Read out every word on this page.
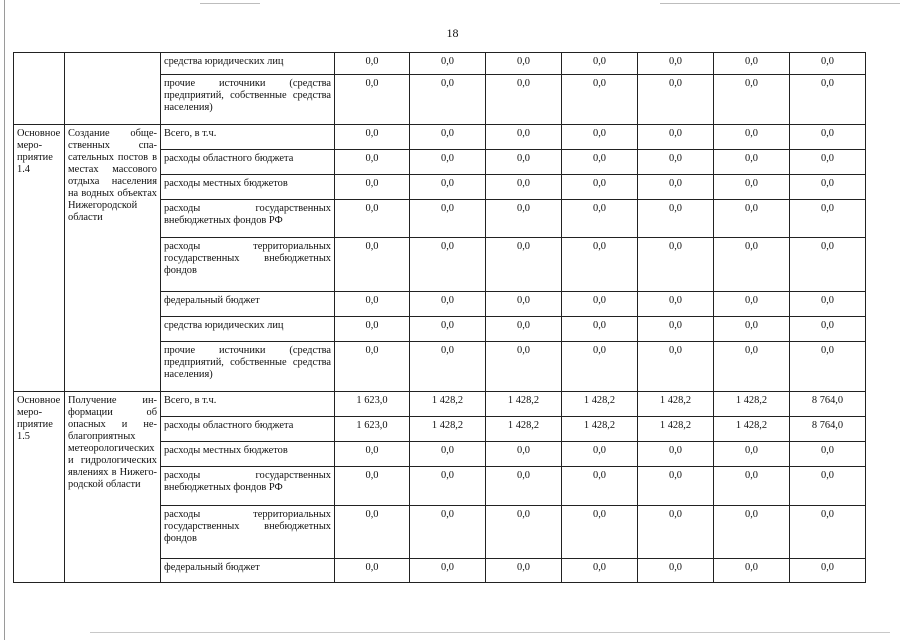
18
		средства юридических лиц	0,0	0,0	0,0	0,0	0,0	0,0	0,0
		прочие источники (средства предприятий, собственные средства населения)	0,0	0,0	0,0	0,0	0,0	0,0	0,0
Основное мероприятие 1.4	Создание общественных спасательных постов в местах массового отдыха населения на водных объектах Нижегородской области	Всего, в т.ч.	0,0	0,0	0,0	0,0	0,0	0,0	0,0
		расходы областного бюджета	0,0	0,0	0,0	0,0	0,0	0,0	0,0
		расходы местных бюджетов	0,0	0,0	0,0	0,0	0,0	0,0	0,0
		расходы государственных внебюджетных фондов РФ	0,0	0,0	0,0	0,0	0,0	0,0	0,0
		расходы территориальных государственных внебюджетных фондов	0,0	0,0	0,0	0,0	0,0	0,0	0,0
		федеральный бюджет	0,0	0,0	0,0	0,0	0,0	0,0	0,0
		средства юридических лиц	0,0	0,0	0,0	0,0	0,0	0,0	0,0
		прочие источники (средства предприятий, собственные средства населения)	0,0	0,0	0,0	0,0	0,0	0,0	0,0
Основное мероприятие 1.5	Получение информации об опасных и неблагоприятных метеорологических и гидрологических явлениях в Нижегородской области	Всего, в т.ч.	1 623,0	1 428,2	1 428,2	1 428,2	1 428,2	1 428,2	8 764,0
		расходы областного бюджета	1 623,0	1 428,2	1 428,2	1 428,2	1 428,2	1 428,2	8 764,0
		расходы местных бюджетов	0,0	0,0	0,0	0,0	0,0	0,0	0,0
		расходы государственных внебюджетных фондов РФ	0,0	0,0	0,0	0,0	0,0	0,0	0,0
		расходы территориальных государственных внебюджетных фондов	0,0	0,0	0,0	0,0	0,0	0,0	0,0
		федеральный бюджет	0,0	0,0	0,0	0,0	0,0	0,0	0,0
